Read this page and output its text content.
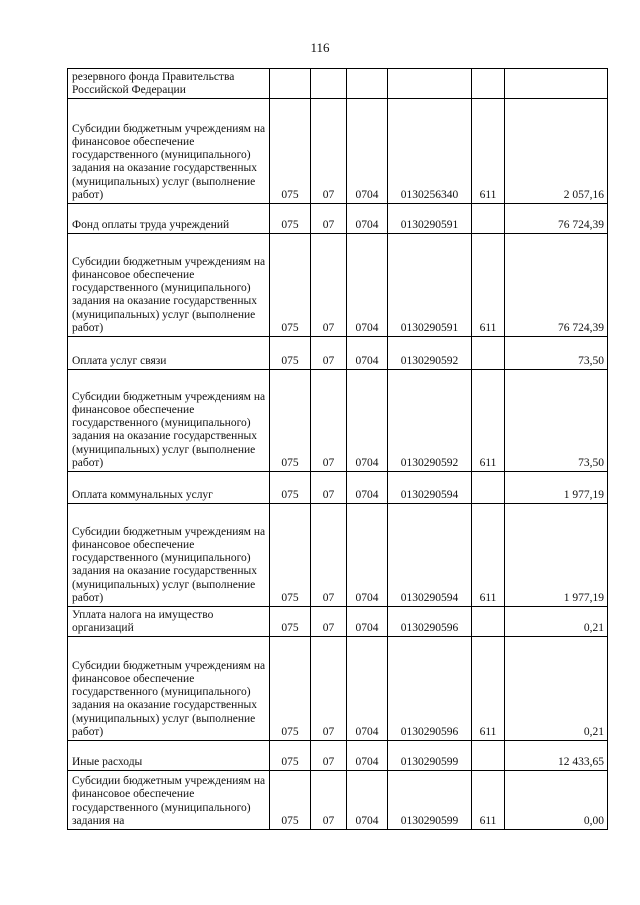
116
резервного фонда Правительства Российской Федерации						
Субсидии бюджетным учреждениям на финансовое обеспечение государственного (муниципального) задания на оказание государственных (муниципальных) услуг (выполнение работ)	075	07	0704	0130256340	611	2 057,16
Фонд оплаты труда учреждений	075	07	0704	0130290591		76 724,39
Субсидии бюджетным учреждениям на финансовое обеспечение государственного (муниципального) задания на оказание государственных (муниципальных) услуг (выполнение работ)	075	07	0704	0130290591	611	76 724,39
Оплата услуг связи	075	07	0704	0130290592		73,50
Субсидии бюджетным учреждениям на финансовое обеспечение государственного (муниципального) задания на оказание государственных (муниципальных) услуг (выполнение работ)	075	07	0704	0130290592	611	73,50
Оплата коммунальных услуг	075	07	0704	0130290594		1 977,19
Субсидии бюджетным учреждениям на финансовое обеспечение государственного (муниципального) задания на оказание государственных (муниципальных) услуг (выполнение работ)	075	07	0704	0130290594	611	1 977,19
Уплата налога на имущество организаций	075	07	0704	0130290596		0,21
Субсидии бюджетным учреждениям на финансовое обеспечение государственного (муниципального) задания на оказание государственных (муниципальных) услуг (выполнение работ)	075	07	0704	0130290596	611	0,21
Иные расходы	075	07	0704	0130290599		12 433,65
Субсидии бюджетным учреждениям на финансовое обеспечение государственного (муниципального) задания на	075	07	0704	0130290599	611	0,00
